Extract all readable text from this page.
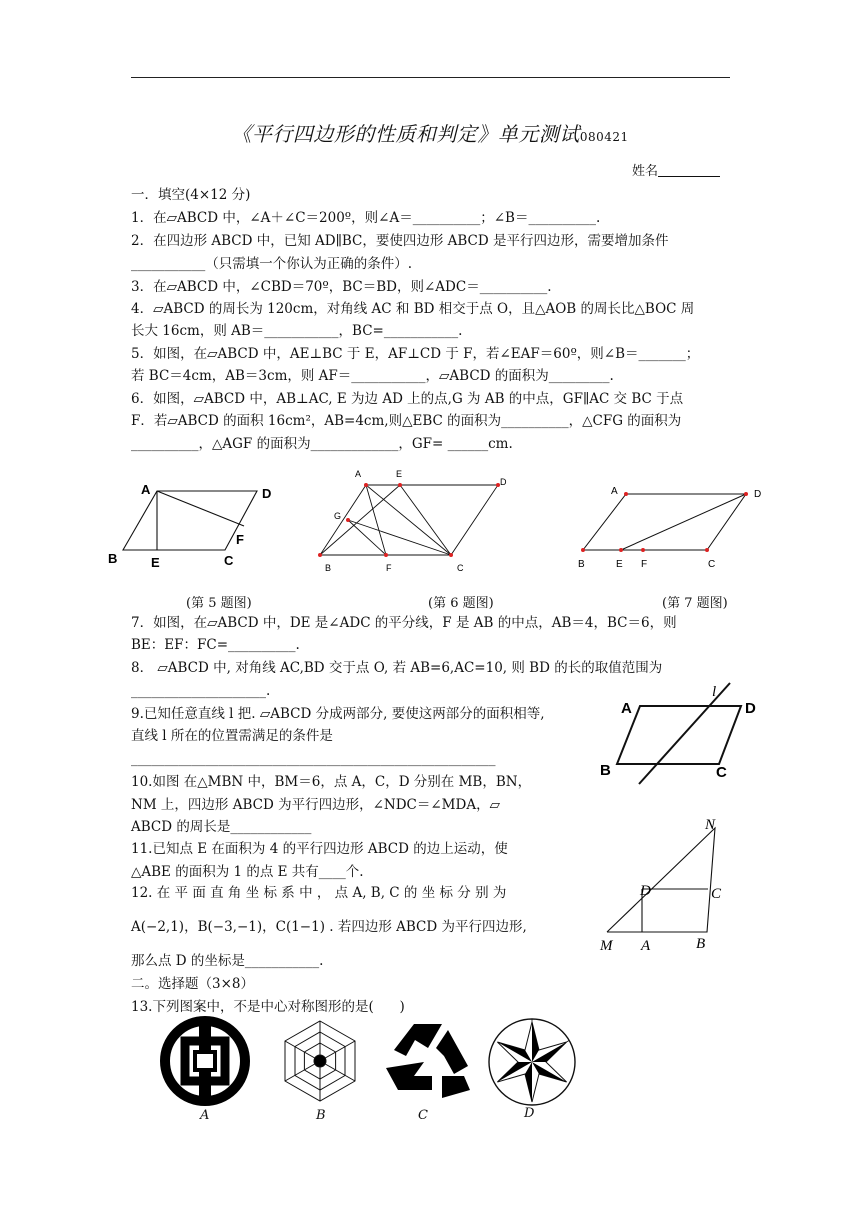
《平行四边形的性质和判定》单元测试080421
姓名
一．填空(4×12 分)
1．在▱ABCD 中，∠A＋∠C＝200º，则∠A＝__________；∠B＝__________.
2．在四边形 ABCD 中，已知 AD∥BC，要使四边形 ABCD 是平行四边形，需要增加条件
___________（只需填一个你认为正确的条件）.
3．在▱ABCD 中，∠CBD＝70º，BC＝BD，则∠ADC＝__________.
4．▱ABCD 的周长为 120cm，对角线 AC 和 BD 相交于点 O，且△AOB 的周长比△BOC 周
长大 16cm，则 AB＝___________，BC=___________.
5．如图，在▱ABCD 中，AE⊥BC 于 E，AF⊥CD 于 F，若∠EAF＝60º，则∠B＝_______；
若 BC＝4cm，AB＝3cm，则 AF＝___________，▱ABCD 的面积为_________.
6．如图，▱ABCD 中，AB⊥AC, E 为边 AD 上的点,G 为 AB 的中点，GF∥AC 交 BC 于点
F．若▱ABCD 的面积 16cm²，AB=4cm,则△EBC 的面积为__________，△CFG 的面积为
__________，△AGF 的面积为_____________，GF= ______cm.
A	D
F
B	E	C
A	E
D
G
B	F	C
A	D
B	E F	C
(第 5 题图)	(第 6 题图)	(第 7 题图)
7．如图，在▱ABCD 中，DE 是∠ADC 的平分线，F 是 AB 的中点，AB＝4，BC＝6，则
BE：EF：FC=__________.
8． ▱ABCD 中, 对角线 AC,BD 交于点 O, 若 AB=6,AC=10, 则 BD 的长的取值范围为
____________________.
9.已知任意直线 l 把. ▱ABCD 分成两部分, 要使这两部分的面积相等,
直线 l 所在的位置需满足的条件是
______________________________________________________
10.如图 在△MBN 中，BM＝6，点 A，C，D 分别在 MB，BN，
NM 上，四边形 ABCD 为平行四边形，∠NDC＝∠MDA，▱
ABCD 的周长是____________
11.已知点 E 在面积为 4 的平行四边形 ABCD 的边上运动，使
△ABE 的面积为 1 的点 E 共有____个.
12. 在 平 面 直 角 坐 标 系 中 ， 点 A, B, C 的 坐 标 分 别 为
A(−2,1)，B(−3,−1)，C(1−1) . 若四边形 ABCD 为平行四边形,
那么点 D 的坐标是___________.
二。选择题（3×8）
13.下列图案中，不是中心对称图形的是(      )
A	D
B	C
l
N
D	C
M A	B
A	B	C	D
